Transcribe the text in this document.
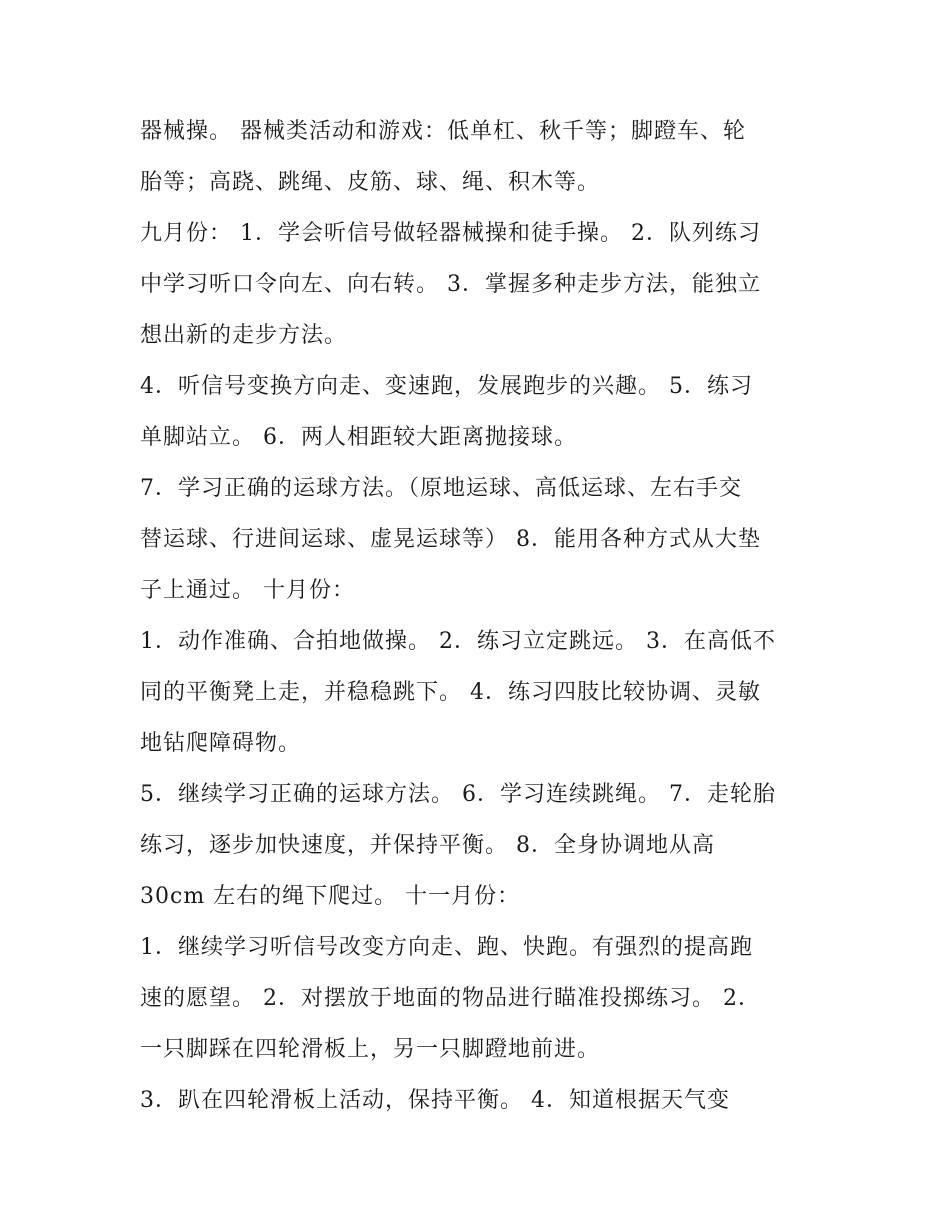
器械操。 器械类活动和游戏：低单杠、秋千等；脚蹬车、轮
胎等；高跷、跳绳、皮筋、球、绳、积木等。
九月份： 1．学会听信号做轻器械操和徒手操。 2．队列练习
中学习听口令向左、向右转。 3．掌握多种走步方法，能独立
想出新的走步方法。
4．听信号变换方向走、变速跑，发展跑步的兴趣。 5．练习
单脚站立。 6．两人相距较大距离抛接球。
7．学习正确的运球方法。（原地运球、高低运球、左右手交
替运球、行进间运球、虚晃运球等） 8．能用各种方式从大垫
子上通过。 十月份：
1．动作准确、合拍地做操。 2．练习立定跳远。 3．在高低不
同的平衡凳上走，并稳稳跳下。 4．练习四肢比较协调、灵敏
地钻爬障碍物。
5．继续学习正确的运球方法。 6．学习连续跳绳。 7．走轮胎
练习，逐步加快速度，并保持平衡。 8．全身协调地从高
30cm 左右的绳下爬过。 十一月份：
1．继续学习听信号改变方向走、跑、快跑。有强烈的提高跑
速的愿望。 2．对摆放于地面的物品进行瞄准投掷练习。 2．
一只脚踩在四轮滑板上，另一只脚蹬地前进。
3．趴在四轮滑板上活动，保持平衡。 4．知道根据天气变
